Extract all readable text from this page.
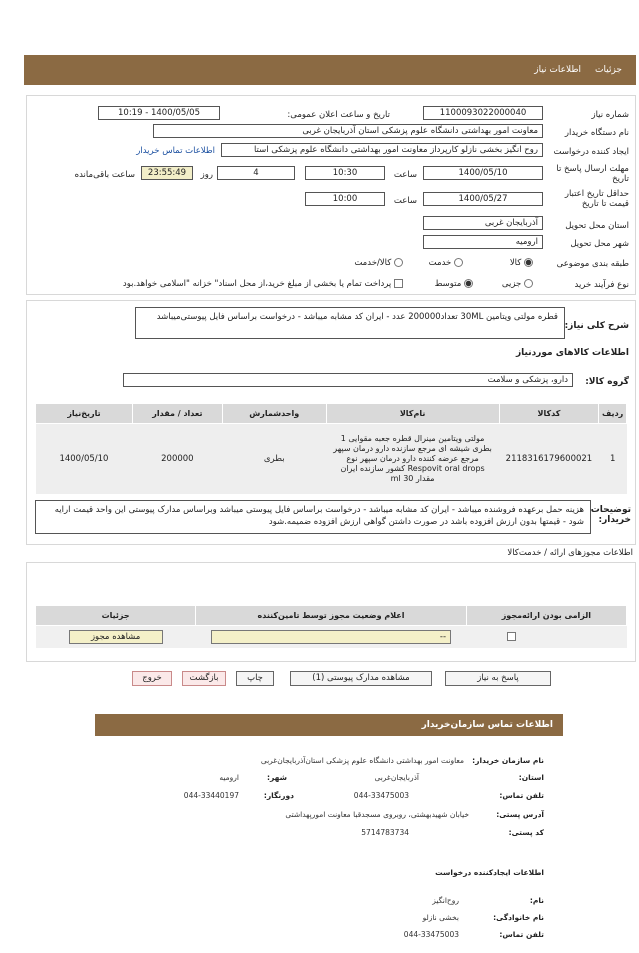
جزئیات
اطلاعات نیاز
شماره نیاز
1100093022000040
تاریخ و ساعت اعلان عمومی:
1400/05/05 - 10:19
نام دستگاه خریدار
معاونت امور بهداشتی دانشگاه علوم پزشکی استان آذربایجان غربی
ایجاد کننده درخواست
روح انگیز بخشی نازلو کارپرداز معاونت امور بهداشتی دانشگاه علوم پزشکی استا
اطلاعات تماس خریدار
مهلت ارسال پاسخ تا تاریخ
1400/05/10
ساعت
10:30
4
روز
23:55:49
ساعت باقی‌مانده
حداقل تاریخ اعتبار قیمت تا تاریخ
1400/05/27
ساعت
10:00
استان محل تحویل
آذربایجان غربی
شهر محل تحویل
ارومیه
طبقه بندی موضوعی
کالا
خدمت
کالا/خدمت
نوع فرآیند خرید
جزیی
متوسط
پرداخت تمام یا بخشی از مبلغ خرید،از محل اسناد" خزانه "اسلامی خواهد.بود
شرح کلی نیاز:
قطره مولتی ویتامین 30ML تعداد200000 عدد - ایران کد مشابه میباشد - درخواست براساس فایل پیوستی‌میباشد
اطلاعات کالاهای موردنیاز
گروه کالا:
دارو، پزشکی و سلامت
ردیف	کدکالا	نام‌کالا	واحدشمارش	تعداد / مقدار	تاریخ‌نیاز
1	2118316179600021	مولتی ویتامین مینرال قطره جعبه مقوایی 1 بطری شیشه ای مرجع سازنده دارو درمان سپهر مرجع عرضه کننده دارو درمان سپهر نوع Respovit oral drops کشور سازنده ایران مقدار 30 ml	بطری	200000	1400/05/10
توضیحات خریدار:
هزینه حمل برعهده فروشنده میباشد - ایران کد مشابه میباشد - درخواست براساس فایل پیوستی میباشد وبراساس مدارک پیوستی این واحد قیمت ارایه شود - قیمتها بدون ارزش افزوده باشد در صورت داشتن گواهی ارزش افزوده ضمیمه.شود
اطلاعات مجوزهای ارائه / خدمت‌کالا
الزامی بودن ارائه‌مجوز	اعلام وضعیت مجوز توسط تامین‌کننده	جزئیات

	--	مشاهده مجوز
پاسخ به نیاز
مشاهده مدارک پیوستی (1)
چاپ
بازگشت
خروج
اطلاعات تماس سازمان‌خریدار
نام سازمان خریدار:
معاونت امور بهداشتی دانشگاه علوم پزشکی استان‌آذربایجان‌غربی
استان:
آذربایجان‌غربی
شهر:
ارومیه
تلفن تماس:
044-33475003
دورنگار:
044-33440197
آدرس پستی:
خیابان شهیدبهشتی، روبروی مسجدقبا معاونت امورپهداشتی
کد پستی:
5714783734
اطلاعات ایجادکننده درخواست
نام:
روح‌انگیز
نام خانوادگی:
بخشی نازلو
تلفن تماس:
044-33475003
